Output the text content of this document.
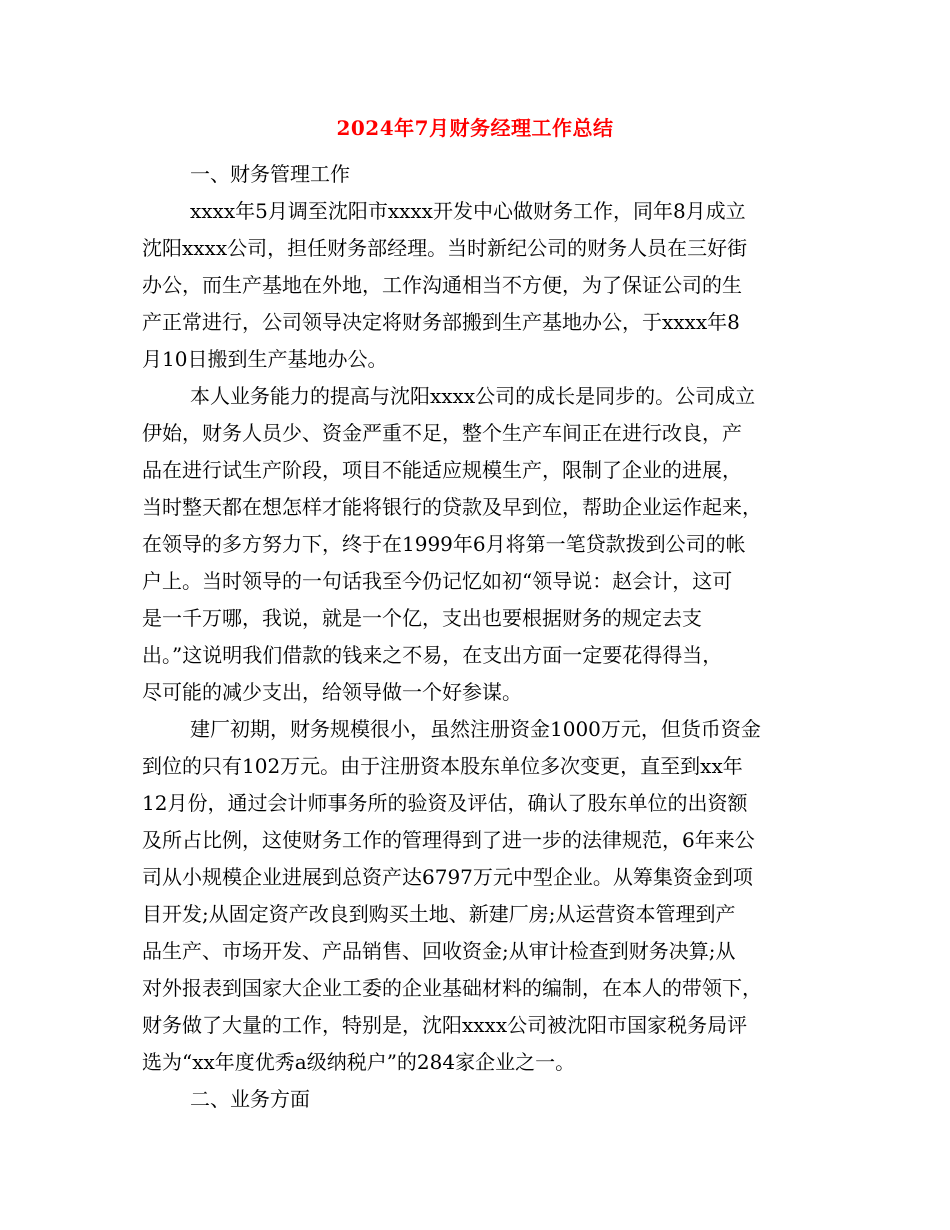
2024年7月财务经理工作总结
一、财务管理工作
xxxx年5月调至沈阳市xxxx开发中心做财务工作，同年8月成立
沈阳xxxx公司，担任财务部经理。当时新纪公司的财务人员在三好街
办公，而生产基地在外地，工作沟通相当不方便，为了保证公司的生
产正常进行，公司领导决定将财务部搬到生产基地办公，于xxxx年8
月10日搬到生产基地办公。
本人业务能力的提高与沈阳xxxx公司的成长是同步的。公司成立
伊始，财务人员少、资金严重不足，整个生产车间正在进行改良，产
品在进行试生产阶段，项目不能适应规模生产，限制了企业的进展，
当时整天都在想怎样才能将银行的贷款及早到位，帮助企业运作起来，
在领导的多方努力下，终于在1999年6月将第一笔贷款拨到公司的帐
户上。当时领导的一句话我至今仍记忆如初“领导说：赵会计，这可
是一千万哪，我说，就是一个亿，支出也要根据财务的规定去支
出。”这说明我们借款的钱来之不易，在支出方面一定要花得得当，
尽可能的减少支出，给领导做一个好参谋。
建厂初期，财务规模很小，虽然注册资金1000万元，但货币资金
到位的只有102万元。由于注册资本股东单位多次变更，直至到xx年
12月份，通过会计师事务所的验资及评估，确认了股东单位的出资额
及所占比例，这使财务工作的管理得到了进一步的法律规范，6年来公
司从小规模企业进展到总资产达6797万元中型企业。从筹集资金到项
目开发;从固定资产改良到购买土地、新建厂房;从运营资本管理到产
品生产、市场开发、产品销售、回收资金;从审计检查到财务决算;从
对外报表到国家大企业工委的企业基础材料的编制，在本人的带领下，
财务做了大量的工作，特别是，沈阳xxxx公司被沈阳市国家税务局评
选为“xx年度优秀a级纳税户”的284家企业之一。
二、业务方面
